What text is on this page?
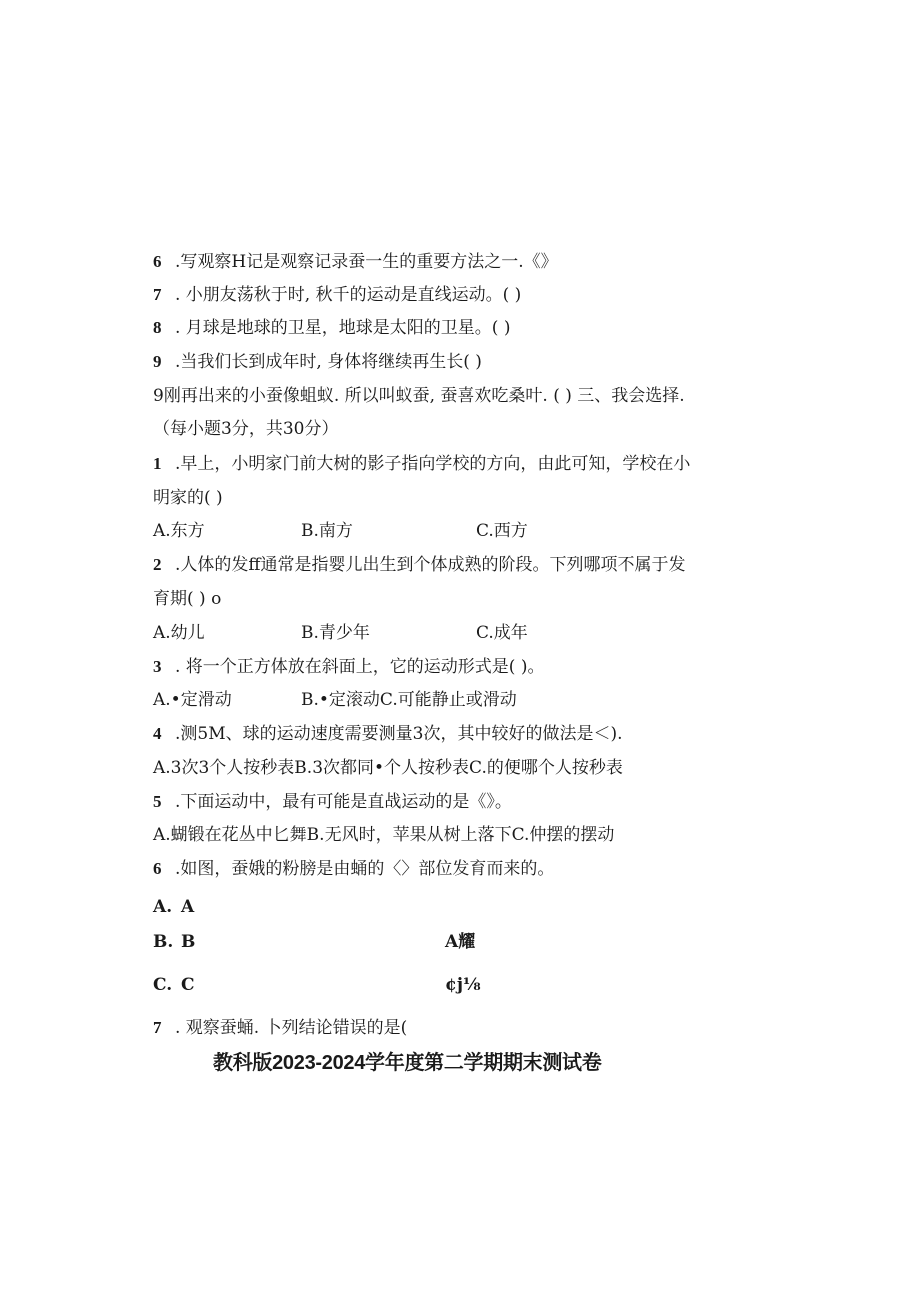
6 .写观察H记是观察记录蚕一生的重要方法之一.《》
7 . 小朋友荡秋于时, 秋千的运动是直线运动。( )
8 . 月球是地球的卫星，地球是太阳的卫星。( )
9 .当我们长到成年时, 身体将继续再生长( )
9刚再出来的小蚕像蛆蚁. 所以叫蚁蚕, 蚕喜欢吃桑叶. ( ) 三、我会选择.
（每小题3分，共30分）
1 .早上，小明家门前大树的影子指向学校的方向，由此可知，学校在小
明家的( )
A.东方	B.南方	C.西方
2 .人体的发ff通常是指婴儿出生到个体成熟的阶段。下列哪项不属于发
育期( ) o
A.幼儿	B.青少年	C.成年
3 . 将一个正方体放在斜面上，它的运动形式是( )。
A.•定滑动	B.•定滚动C.可能静止或滑动
4 .测5M、球的运动速度需要测量3次，其中较好的做法是＜).
A.3次3个人按秒表B.3次都同•个人按秒表C.的便哪个人按秒表
5 .下面运动中，最有可能是直战运动的是《》。
A.蝴锻在花丛中匕舞B.无风时，苹果从树上落下C.仲摆的摆动
6 .如图，蚕娥的粉膀是由蛹的〈〉部位发育而来的。
A. A
B. B	A耀
C. C	¢j⅛
7 . 观察蚕蛹. 卜列结论错误的是(
教科版2023-2024学年度第二学期期末测试卷
